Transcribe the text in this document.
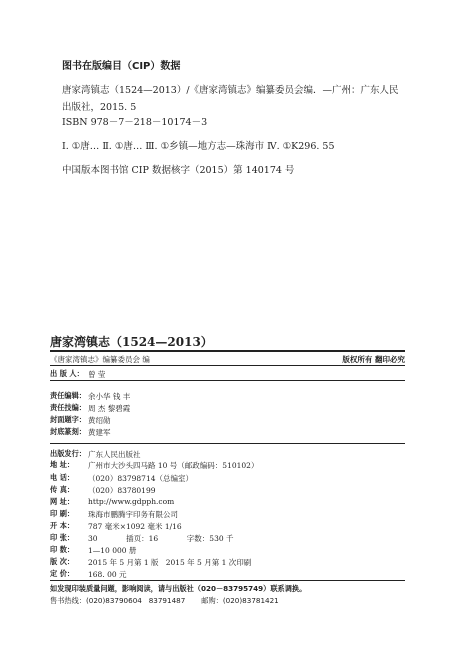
图书在版编目（CIP）数据
唐家湾镇志（1524—2013）/《唐家湾镇志》编纂委员会编．—广州：广东人民
出版社，2015. 5
ISBN 978－7－218－10174－3
Ⅰ. ①唐… Ⅱ. ①唐… Ⅲ. ①乡镇—地方志—珠海市 Ⅳ. ①K296. 55
中国版本图书馆 CIP 数据核字（2015）第 140174 号
唐家湾镇志（1524—2013）
《唐家湾镇志》编纂委员会 编	版权所有 翻印必究
出 版 人： 曾 莹
责任编辑： 余小华 钱 丰
责任技编： 周 杰 黎碧霞
封面题字： 黄绍勋
封底篆刻： 黄建军
出版发行： 广东人民出版社
地 址：	广州市大沙头四马路 10 号（邮政编码：510102）
电 话：	（020）83798714（总编室）
传 真：	（020）83780199
网 址：	http://www.gdpph.com
印 刷：	珠海市鹏腾宇印务有限公司
开 本：	787 毫米×1092 毫米 1/16
印 张：	30            插页：16            字数：530 千
印 数：	1—10 000 册
版 次：	2015 年 5 月第 1 版   2015 年 5 月第 1 次印刷
定 价：	168. 00 元
如发现印装质量问题，影响阅读，请与出版社（020－83795749）联系调换。
售书热线：(020)83790604   83791487       邮购：(020)83781421
